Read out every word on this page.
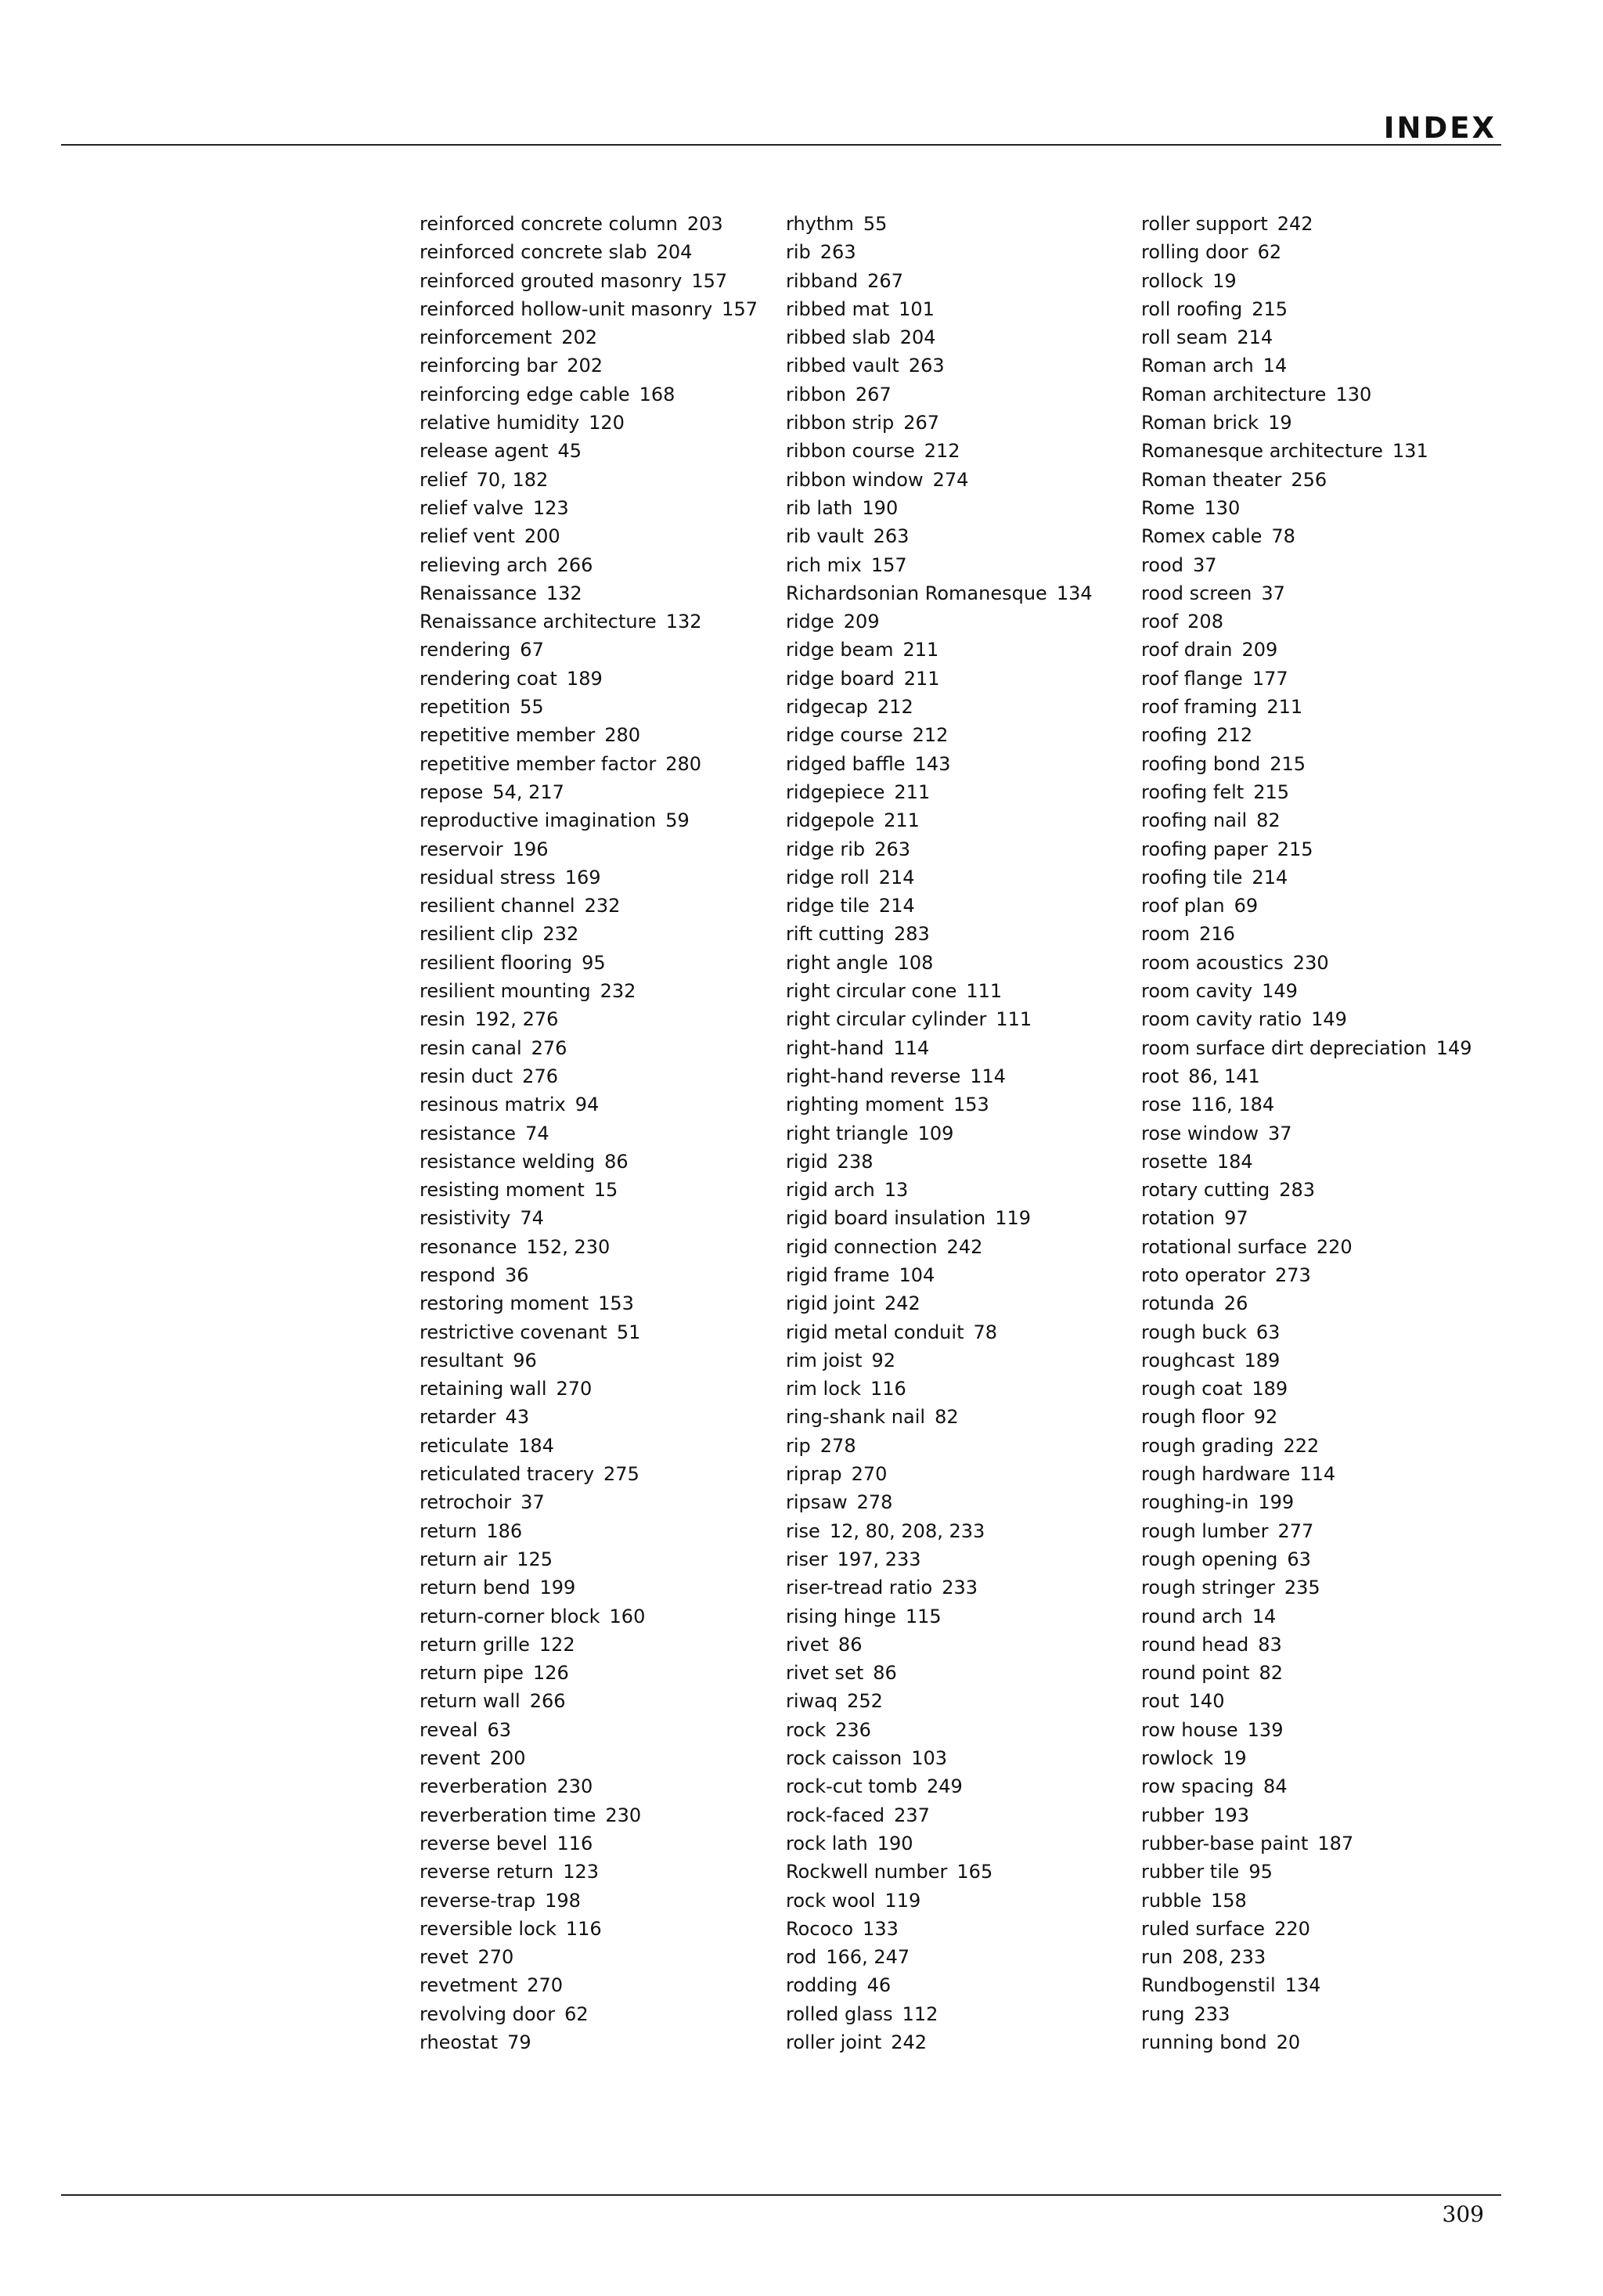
INDEX
reinforced concrete column 203
reinforced concrete slab 204
reinforced grouted masonry 157
reinforced hollow-unit masonry 157
reinforcement 202
reinforcing bar 202
reinforcing edge cable 168
relative humidity 120
release agent 45
relief 70, 182
relief valve 123
relief vent 200
relieving arch 266
Renaissance 132
Renaissance architecture 132
rendering 67
rendering coat 189
repetition 55
repetitive member 280
repetitive member factor 280
repose 54, 217
reproductive imagination 59
reservoir 196
residual stress 169
resilient channel 232
resilient clip 232
resilient flooring 95
resilient mounting 232
resin 192, 276
resin canal 276
resin duct 276
resinous matrix 94
resistance 74
resistance welding 86
resisting moment 15
resistivity 74
resonance 152, 230
respond 36
restoring moment 153
restrictive covenant 51
resultant 96
retaining wall 270
retarder 43
reticulate 184
reticulated tracery 275
retrochoir 37
return 186
return air 125
return bend 199
return-corner block 160
return grille 122
return pipe 126
return wall 266
reveal 63
revent 200
reverberation 230
reverberation time 230
reverse bevel 116
reverse return 123
reverse-trap 198
reversible lock 116
revet 270
revetment 270
revolving door 62
rheostat 79
rhythm 55
rib 263
ribband 267
ribbed mat 101
ribbed slab 204
ribbed vault 263
ribbon 267
ribbon strip 267
ribbon course 212
ribbon window 274
rib lath 190
rib vault 263
rich mix 157
Richardsonian Romanesque 134
ridge 209
ridge beam 211
ridge board 211
ridgecap 212
ridge course 212
ridged baffle 143
ridgepiece 211
ridgepole 211
ridge rib 263
ridge roll 214
ridge tile 214
rift cutting 283
right angle 108
right circular cone 111
right circular cylinder 111
right-hand 114
right-hand reverse 114
righting moment 153
right triangle 109
rigid 238
rigid arch 13
rigid board insulation 119
rigid connection 242
rigid frame 104
rigid joint 242
rigid metal conduit 78
rim joist 92
rim lock 116
ring-shank nail 82
rip 278
riprap 270
ripsaw 278
rise 12, 80, 208, 233
riser 197, 233
riser-tread ratio 233
rising hinge 115
rivet 86
rivet set 86
riwaq 252
rock 236
rock caisson 103
rock-cut tomb 249
rock-faced 237
rock lath 190
Rockwell number 165
rock wool 119
Rococo 133
rod 166, 247
rodding 46
rolled glass 112
roller joint 242
roller support 242
rolling door 62
rollock 19
roll roofing 215
roll seam 214
Roman arch 14
Roman architecture 130
Roman brick 19
Romanesque architecture 131
Roman theater 256
Rome 130
Romex cable 78
rood 37
rood screen 37
roof 208
roof drain 209
roof flange 177
roof framing 211
roofing 212
roofing bond 215
roofing felt 215
roofing nail 82
roofing paper 215
roofing tile 214
roof plan 69
room 216
room acoustics 230
room cavity 149
room cavity ratio 149
room surface dirt depreciation 149
root 86, 141
rose 116, 184
rose window 37
rosette 184
rotary cutting 283
rotation 97
rotational surface 220
roto operator 273
rotunda 26
rough buck 63
roughcast 189
rough coat 189
rough floor 92
rough grading 222
rough hardware 114
roughing-in 199
rough lumber 277
rough opening 63
rough stringer 235
round arch 14
round head 83
round point 82
rout 140
row house 139
rowlock 19
row spacing 84
rubber 193
rubber-base paint 187
rubber tile 95
rubble 158
ruled surface 220
run 208, 233
Rundbogenstil 134
rung 233
running bond 20
309
